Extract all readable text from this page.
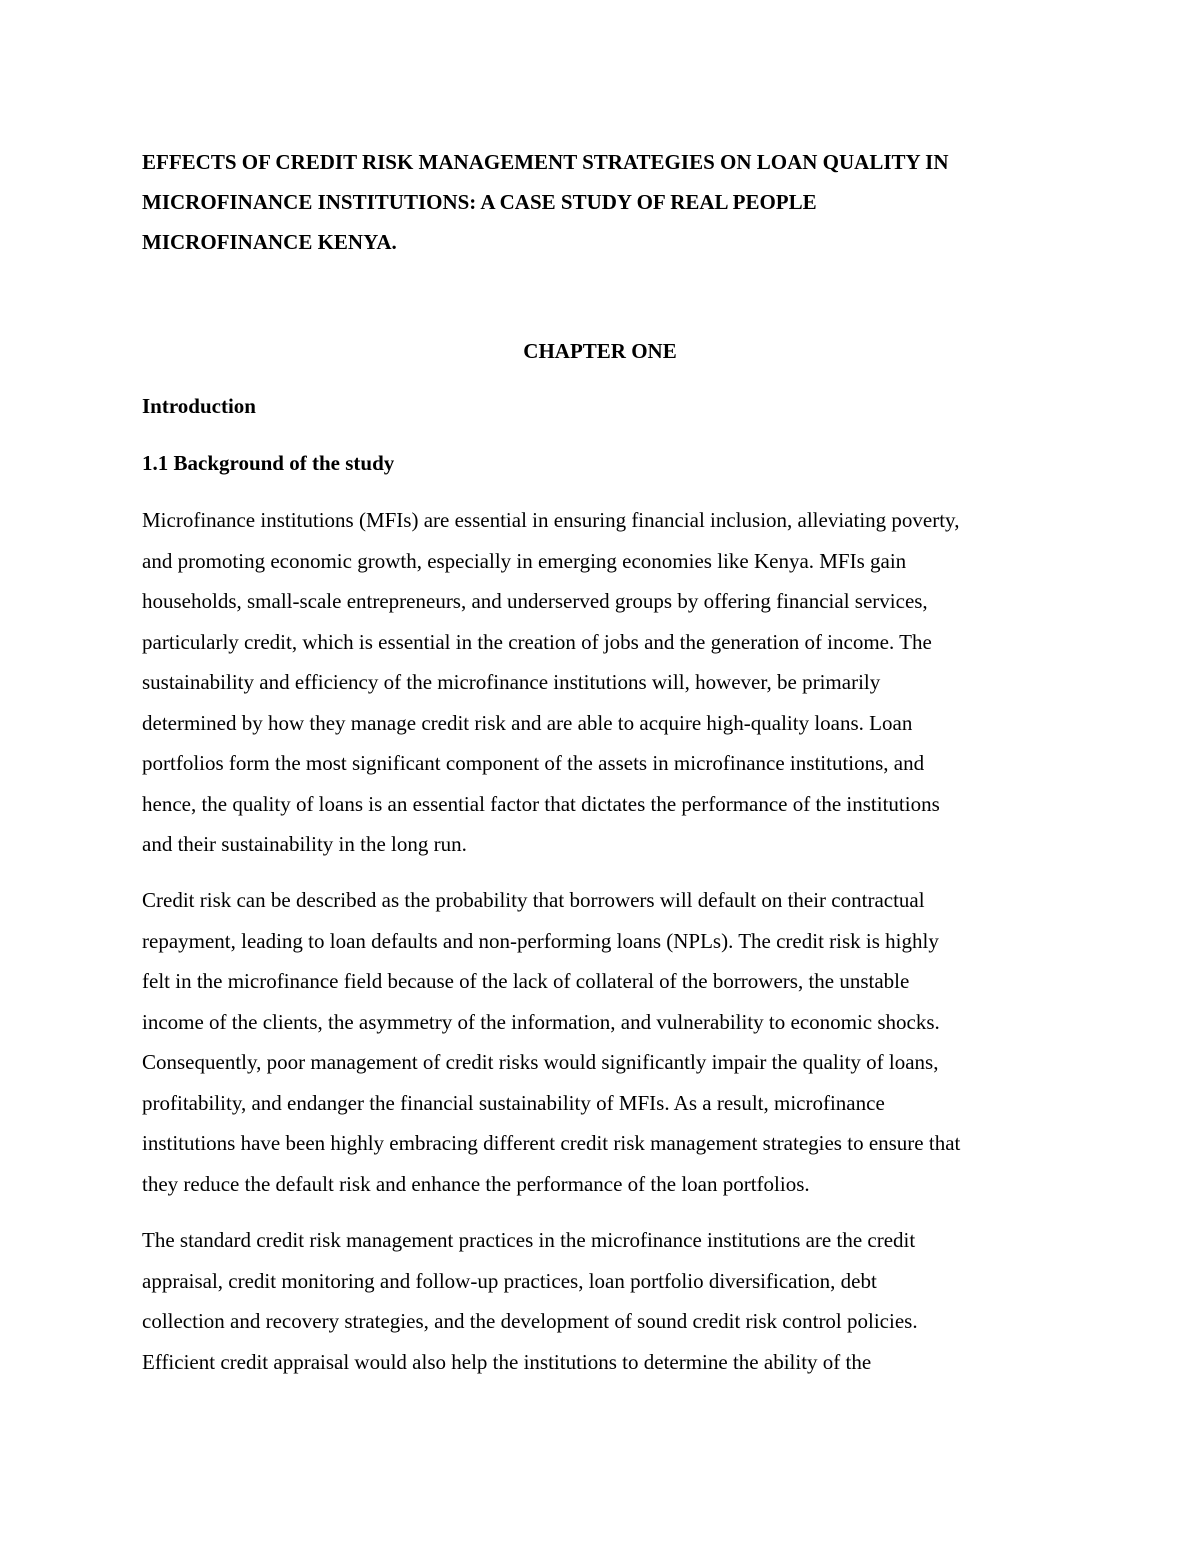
EFFECTS OF CREDIT RISK MANAGEMENT STRATEGIES ON LOAN QUALITY IN
MICROFINANCE INSTITUTIONS: A CASE STUDY OF REAL PEOPLE
MICROFINANCE KENYA.
CHAPTER ONE
Introduction
1.1 Background of the study

Microfinance institutions (MFIs) are essential in ensuring financial inclusion, alleviating poverty,
and promoting economic growth, especially in emerging economies like Kenya. MFIs gain
households, small-scale entrepreneurs, and underserved groups by offering financial services,
particularly credit, which is essential in the creation of jobs and the generation of income. The
sustainability and efficiency of the microfinance institutions will, however, be primarily
determined by how they manage credit risk and are able to acquire high-quality loans. Loan
portfolios form the most significant component of the assets in microfinance institutions, and
hence, the quality of loans is an essential factor that dictates the performance of the institutions
and their sustainability in the long run.

Credit risk can be described as the probability that borrowers will default on their contractual
repayment, leading to loan defaults and non-performing loans (NPLs). The credit risk is highly
felt in the microfinance field because of the lack of collateral of the borrowers, the unstable
income of the clients, the asymmetry of the information, and vulnerability to economic shocks.
Consequently, poor management of credit risks would significantly impair the quality of loans,
profitability, and endanger the financial sustainability of MFIs. As a result, microfinance
institutions have been highly embracing different credit risk management strategies to ensure that
they reduce the default risk and enhance the performance of the loan portfolios.

The standard credit risk management practices in the microfinance institutions are the credit
appraisal, credit monitoring and follow-up practices, loan portfolio diversification, debt
collection and recovery strategies, and the development of sound credit risk control policies.
Efficient credit appraisal would also help the institutions to determine the ability of the
